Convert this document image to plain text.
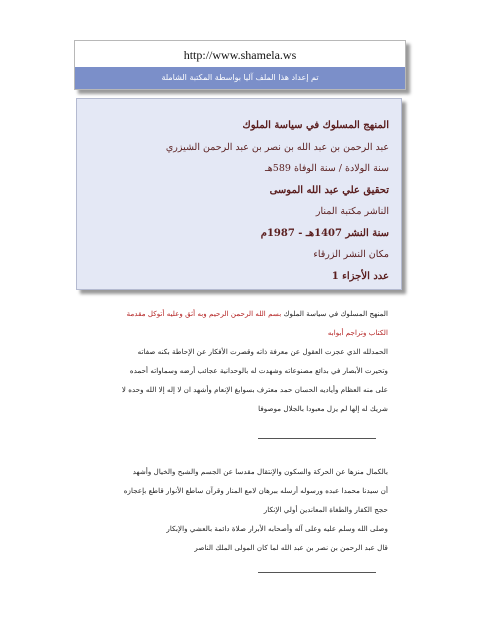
http://www.shamela.ws
تم إعداد هذا الملف آليا بواسطة المكتبة الشاملة
المنهج المسلوك في سياسة الملوك
عبد الرحمن بن عبد الله بن نصر بن عبد الرحمن الشيزري
سنة الولادة / سنة الوفاة 589هـ
تحقيق علي عبد الله الموسى
الناشر مكتبة المنار
سنة النشر 1407هـ - 1987م
مكان النشر الزرقاء
عدد الأجزاء 1
المنهج المسلوك في سياسة الملوك بسم الله الرحمن الرحيم وبه أثق وعليه أتوكل مقدمة
الكتاب وتراجم أبوابه
الحمدلله الذي عجزت العقول عن معرفة ذاته وقصرت الأفكار عن الإحاطة بكنه صفاته
وتحيرت الأبصار في بدائع مصنوعاته وشهدت له بالوحدانية عجائب أرضه وسماواته أحمده
على منه العظام وأياديه الحسان حمد معترف بسوابغ الإنعام وأشهد ان لا إله إلا الله وحده لا
شريك له إلها لم يزل معبودا بالجلال موصوفا
بالكمال منزها عن الحركة والسكون والإنتقال مقدسا عن الجسم والشبح والخيال وأشهد
أن سيدنا محمدا عبده ورسوله أرسله ببرهان لامع المنار وقرآن ساطع الأنوار قاطع بإعجازه
حجج الكفار والطغاة المعاندين أولي الإنكار
وصلى الله وسلم عليه وعلى آله وأصحابه الأبرار صلاة دائمة بالعشي والإبكار
قال عبد الرحمن بن نصر بن عبد الله لما كان المولى الملك الناصر
